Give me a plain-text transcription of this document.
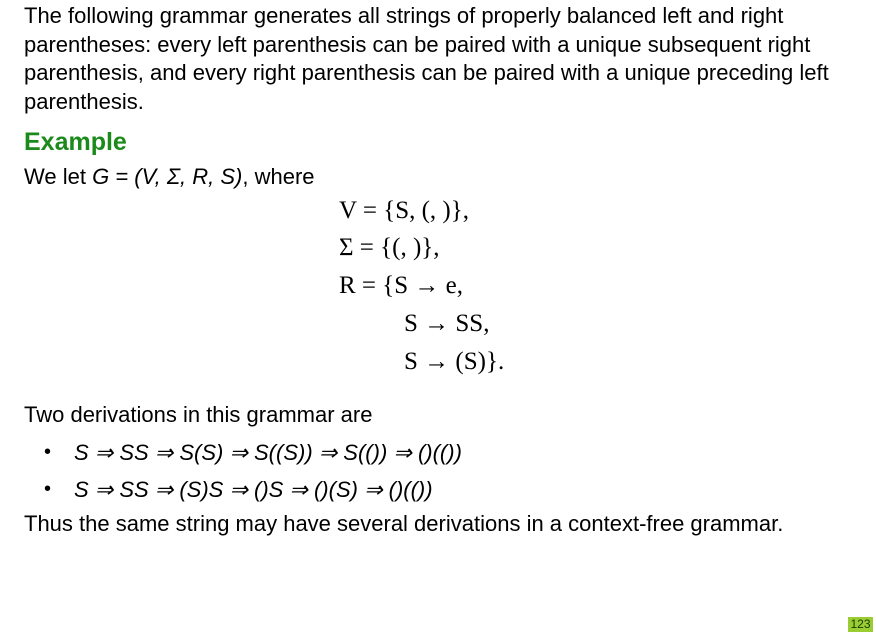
The following grammar generates all strings of properly balanced left and right parentheses: every left parenthesis can be paired with a unique subsequent right parenthesis, and every right parenthesis can be paired with a unique preceding left parenthesis.

Example

We let G = (V, Σ, R, S), where

V = {S, (, )},
Σ = {(, )},
R = {S → e,
S → SS,
S → (S)}.

Two derivations in this grammar are

• S ⇒ SS ⇒ S(S) ⇒ S((S)) ⇒ S(()) ⇒ ()(())
• S ⇒ SS ⇒ (S)S ⇒ ()S ⇒ ()(S) ⇒ ()(())

Thus the same string may have several derivations in a context-free grammar.

123
